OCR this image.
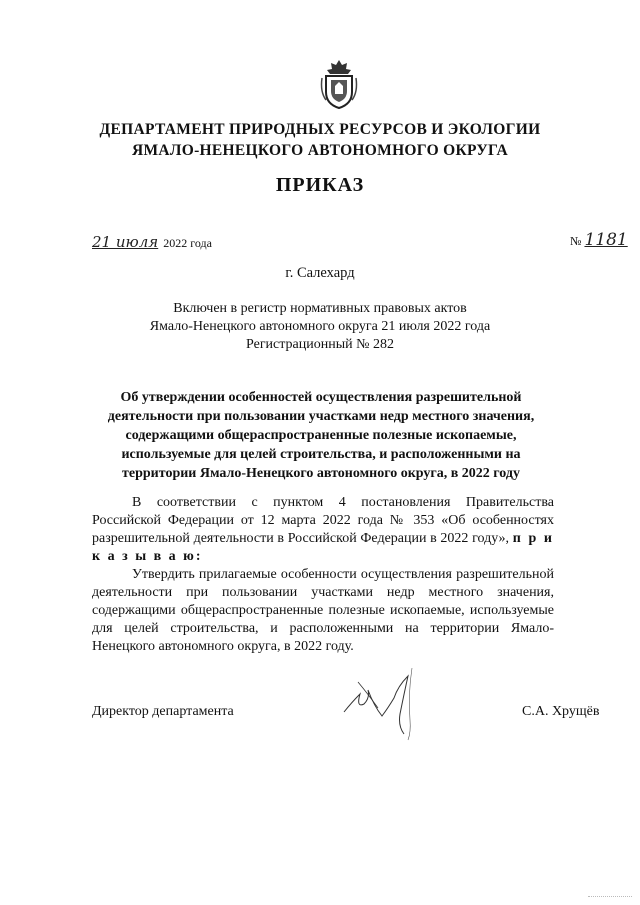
ДЕПАРТАМЕНТ ПРИРОДНЫХ РЕСУРСОВ И ЭКОЛОГИИ
ЯМАЛО-НЕНЕЦКОГО АВТОНОМНОГО ОКРУГА
ПРИКАЗ
21 июля 2022 года	№ 1181
г. Салехард
Включен в регистр нормативных правовых актов
Ямало-Ненецкого автономного округа 21 июля 2022 года
Регистрационный № 282
Об утверждении особенностей осуществления разрешительной деятельности при пользовании участками недр местного значения, содержащими общераспространенные полезные ископаемые, используемые для целей строительства, и расположенными на территории Ямало-Ненецкого автономного округа, в 2022 году
В соответствии с пунктом 4 постановления Правительства Российской Федерации от 12 марта 2022 года № 353 «Об особенностях разрешительной деятельности в Российской Федерации в 2022 году», п р и к а з ы в а ю:
Утвердить прилагаемые особенности осуществления разрешительной деятельности при пользовании участками недр местного значения, содержащими общераспространенные полезные ископаемые, используемые для целей строительства, и расположенными на территории Ямало-Ненецкого автономного округа, в 2022 году.
Директор департамента	С.А. Хрущёв
